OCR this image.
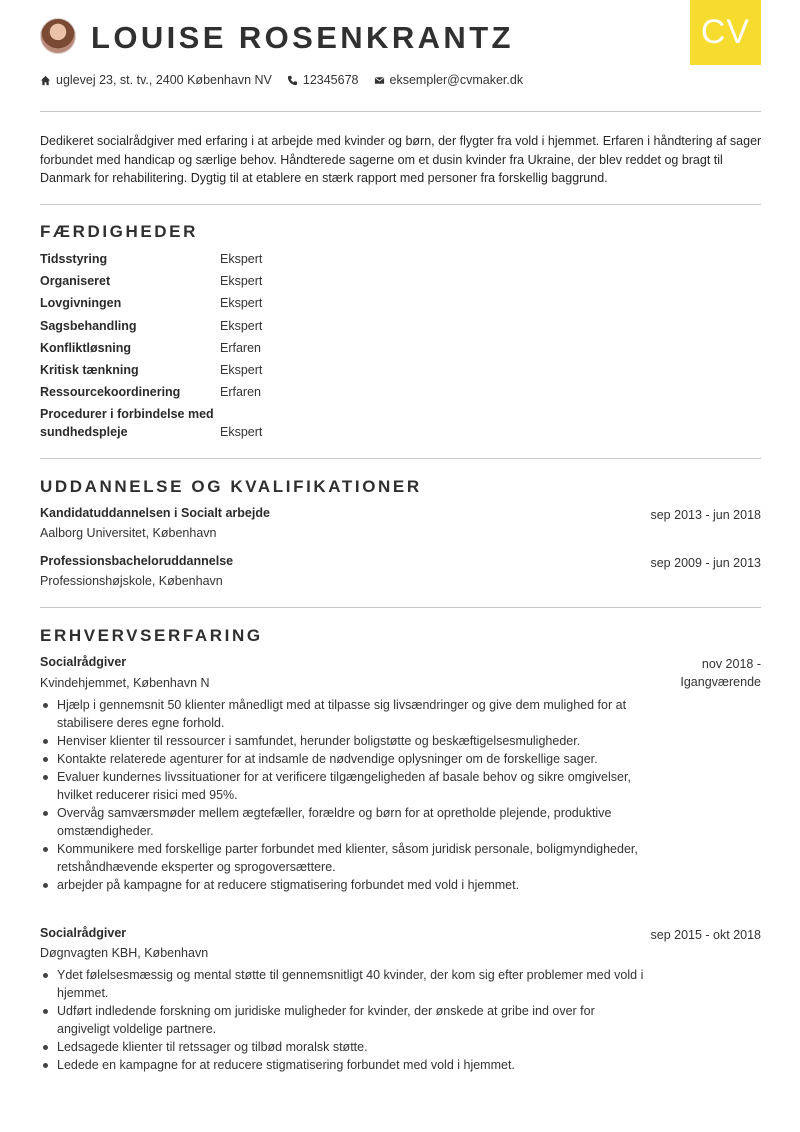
CV
LOUISE ROSENKRANTZ
uglevej 23, st. tv., 2400 København NV 12345678 eksempler@cvmaker.dk

Dedikeret socialrådgiver med erfaring i at arbejde med kvinder og børn, der flygter fra vold i hjemmet. Erfaren i håndtering af sager forbundet med handicap og særlige behov. Håndterede sagerne om et dusin kvinder fra Ukraine, der blev reddet og bragt til Danmark for rehabilitering. Dygtig til at etablere en stærk rapport med personer fra forskellig baggrund.

FÆRDIGHEDER
Tidsstyring	Ekspert
Organiseret	Ekspert
Lovgivningen	Ekspert
Sagsbehandling	Ekspert
Konfliktløsning	Erfaren
Kritisk tænkning	Ekspert
Ressourcekoordinering	Erfaren
Procedurer i forbindelse med sundhedspleje	Ekspert
UDDANNELSE OG KVALIFIKATIONER
Kandidatuddannelsen i Socialt arbejde	sep 2013 - jun 2018
Aalborg Universitet, København
Professionsbacheloruddannelse	sep 2009 - jun 2013
Professionshøjskole, København
ERHVERVSERFARING
Socialrådgiver	nov 2018 -
Igangværende
Kvindehjemmet, København N
Hjælp i gennemsnit 50 klienter månedligt med at tilpasse sig livsændringer og give dem mulighed for at stabilisere deres egne forhold.
Henviser klienter til ressourcer i samfundet, herunder boligstøtte og beskæftigelsesmuligheder.
Kontakte relaterede agenturer for at indsamle de nødvendige oplysninger om de forskellige sager.
Evaluer kundernes livssituationer for at verificere tilgængeligheden af basale behov og sikre omgivelser, hvilket reducerer risici med 95%.
Overvåg samværsmøder mellem ægtefæller, forældre og børn for at opretholde plejende, produktive omstændigheder.
Kommunikere med forskellige parter forbundet med klienter, såsom juridisk personale, boligmyndigheder, retshåndhævende eksperter og sprogoversættere.
arbejder på kampagne for at reducere stigmatisering forbundet med vold i hjemmet.
Socialrådgiver	sep 2015 - okt 2018
Døgnvagten KBH, København
Ydet følelsesmæssig og mental støtte til gennemsnitligt 40 kvinder, der kom sig efter problemer med vold i hjemmet.
Udført indledende forskning om juridiske muligheder for kvinder, der ønskede at gribe ind over for angiveligt voldelige partnere.
Ledsagede klienter til retssager og tilbød moralsk støtte.
Ledede en kampagne for at reducere stigmatisering forbundet med vold i hjemmet.
